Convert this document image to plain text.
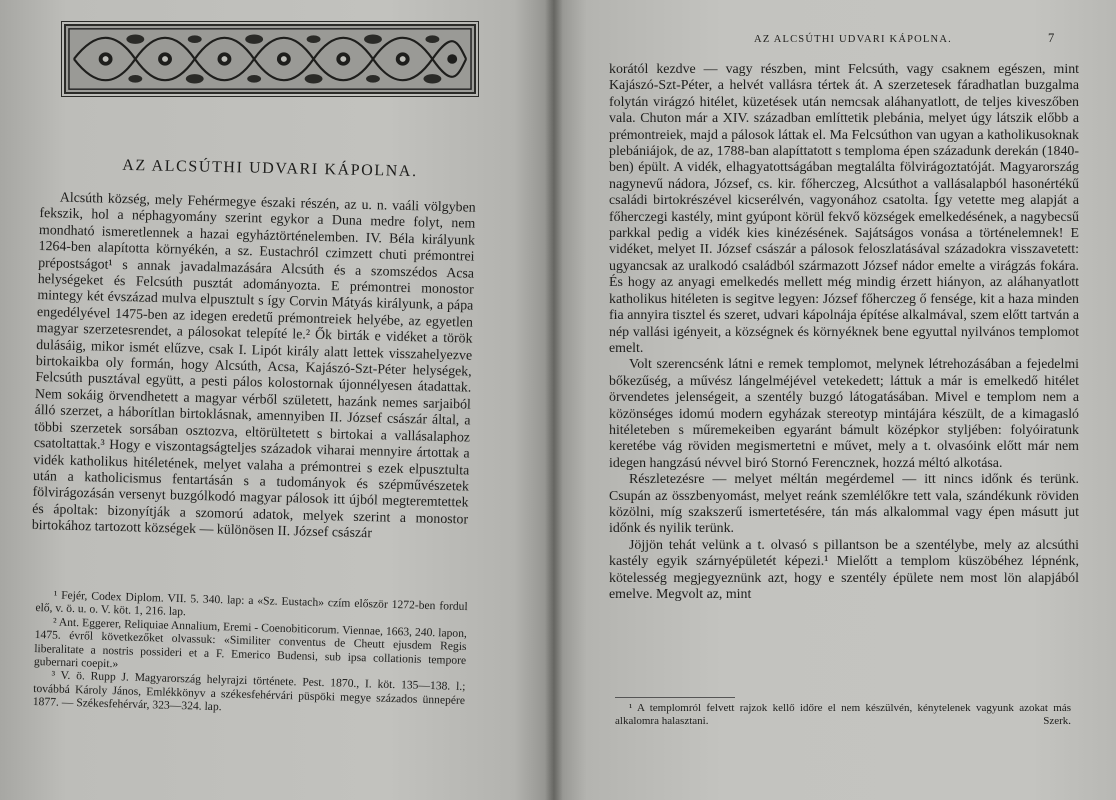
AZ ALCSÚTHI UDVARI KÁPOLNA.

Alcsúth község, mely Fehérmegye északi részén, az u. n. vaáli völgyben fekszik, hol a néphagyomány szerint egykor a Duna medre folyt, nem mondható ismeretlennek a hazai egyháztörténelemben. IV. Béla királyunk 1264-ben alapította környékén, a sz. Eustachról czimzett chuti prémontrei prépostságot¹ s annak javadalmazására Alcsúth és a szomszédos Acsa helységeket és Felcsúth pusztát adományozta. E prémontrei monostor mintegy két évszázad mulva elpusztult s így Corvin Mátyás királyunk, a pápa engedélyével 1475-ben az idegen eredetű prémontreiek helyébe, az egyetlen magyar szerzetesrendet, a pálosokat telepíté le.² Ők birták e vidéket a török dulásáig, mikor ismét elűzve, csak I. Lipót király alatt lettek visszahelyezve birtokaikba oly formán, hogy Alcsúth, Acsa, Kajászó-Szt-Péter helységek, Felcsúth pusztával együtt, a pesti pálos kolostornak újonnélyesen átadattak. Nem sokáig örvendhetett a magyar vérből született, hazánk nemes sarjaiból álló szerzet, a háborítlan birtoklásnak, amennyiben II. József császár által, a többi szerzetek sorsában osztozva, eltörültetett s birtokai a vallásalaphoz csatoltattak.³ Hogy e viszontagságteljes századok viharai mennyire ártottak a vidék katholikus hitéletének, melyet valaha a prémontrei s ezek elpusztulta után a katholicismus fentartásán s a tudományok és szépművészetek fölvirágozásán versenyt buzgólkodó magyar pálosok itt újból megteremtettek és ápoltak: bizonyítják a szomorú adatok, melyek szerint a monostor birtokához tartozott községek — különösen II. József császár

¹ Fejér, Codex Diplom. VII. 5. 340. lap: a «Sz. Eustach» czím először 1272-ben fordul elő, v. ö. u. o. V. köt. 1, 216. lap.

² Ant. Eggerer, Reliquiae Annalium, Eremi - Coenobiticorum. Viennae, 1663, 240. lapon, 1475. évről következőket olvassuk: «Similiter conventus de Cheutt ejusdem Regis liberalitate a nostris possideri et a F. Emerico Budensi, sub ipsa collationis tempore gubernari coepit.»

³ V. ö. Rupp J. Magyarország helyrajzi története. Pest. 1870., I. köt. 135—138. l.; továbbá Károly János, Emlékkönyv a székesfehérvári püspöki megye százados ünnepére 1877. — Székesfehérvár, 323—324. lap.

AZ ALCSÚTHI UDVARI KÁPOLNA.	7

korától kezdve — vagy részben, mint Felcsúth, vagy csaknem egészen, mint Kajászó-Szt-Péter, a helvét vallásra tértek át. A szerzetesek fáradhatlan buzgalma folytán virágzó hitélet, küzetések után nemcsak aláhanyatlott, de teljes kiveszőben vala. Chuton már a XIV. században említtetik plebánia, melyet úgy látszik előbb a prémontreiek, majd a pálosok láttak el. Ma Felcsúthon van ugyan a katholikusoknak plebániájok, de az, 1788-ban alapíttatott s temploma épen századunk derekán (1840-ben) épült. A vidék, elhagyatottságában megtalálta fölvirágoztatóját. Magyarország nagynevű nádora, József, cs. kir. főherczeg, Alcsúthot a vallásalapból hasonértékű családi birtokrészével kicserélvén, vagyonához csatolta. Így vetette meg alapját a főherczegi kastély, mint gyúpont körül fekvő községek emelkedésének, a nagybecsű parkkal pedig a vidék kies kinézésének. Sajátságos vonása a történelemnek! E vidéket, melyet II. József császár a pálosok feloszlatásával századokra visszavetett: ugyancsak az uralkodó családból származott József nádor emelte a virágzás fokára. És hogy az anyagi emelkedés mellett még mindig érzett hiányon, az aláhanyatlott katholikus hitéleten is segitve legyen: József főherczeg ő fensége, kit a haza minden fia annyira tisztel és szeret, udvari kápolnája építése alkalmával, szem előtt tartván a nép vallási igényeit, a községnek és környéknek bene egyuttal nyilvános templomot emelt.

Volt szerencsénk látni e remek templomot, melynek létrehozásában a fejedelmi bőkezűség, a művész lángelméjével vetekedett; láttuk a már is emelkedő hitélet örvendetes jelenségeit, a szentély buzgó látogatásában. Mivel e templom nem a közönséges idomú modern egyházak stereotyp mintájára készült, de a kimagasló hitéleteben s műremekeiben egyaránt bámult középkor stylјében: folyóiratunk keretébe vág röviden megismertetni e művet, mely a t. olvasóink előtt már nem idegen hangzású névvel biró Stornó Ferencznek, hozzá méltó alkotása.

Részletezésre — melyet méltán megérdemel — itt nincs időnk és terünk. Csupán az összbenyomást, melyet reánk szemlélőkre tett vala, szándékunk röviden közölni, míg szakszerű ismertetésére, tán más alkalommal vagy épen másutt jut időnk és nyilik terünk.

Jöjjön tehát velünk a t. olvasó s pillantson be a szentélybe, mely az alcsúthi kastély egyik szárnyépületét képezi.¹ Mielőtt a templom küszöbéhez lépnénk, kötelesség megjegyeznünk azt, hogy e szentély épülete nem most lön alapjából emelve. Megvolt az, mint

¹ A templomról felvett rajzok kellő időre el nem készülvén, kénytelenek vagyunk azokat más alkalomra halasztani.	Szerk.
